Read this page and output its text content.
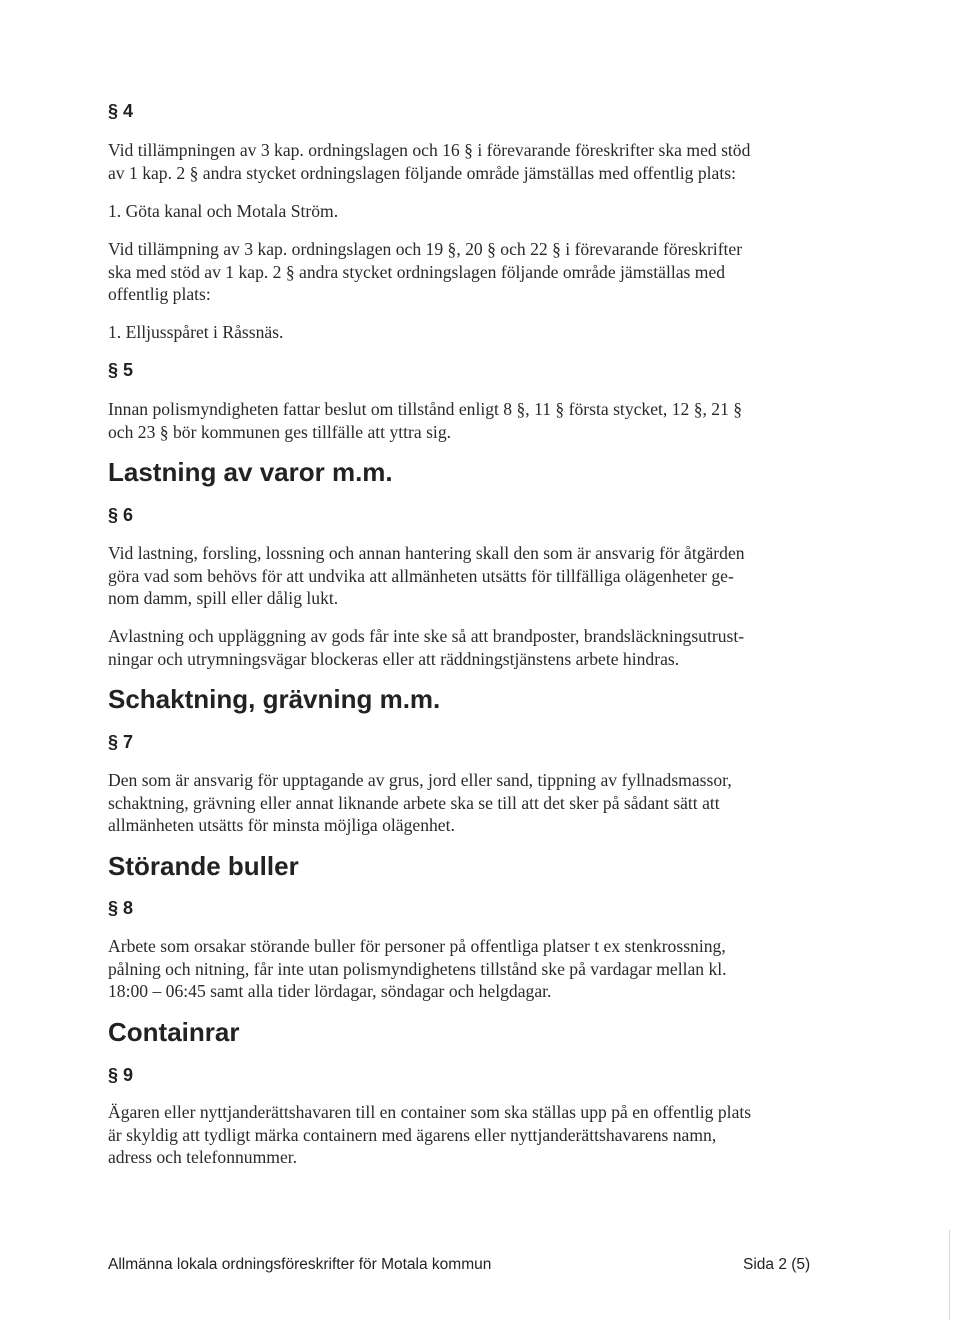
§ 4
Vid tillämpningen av 3 kap. ordningslagen och 16 § i förevarande föreskrifter ska med stöd
av 1 kap. 2 § andra stycket ordningslagen följande område jämställas med offentlig plats:
1. Göta kanal och Motala Ström.
Vid tillämpning av 3 kap. ordningslagen och 19 §, 20 § och 22 § i förevarande föreskrifter
ska med stöd av 1 kap. 2 § andra stycket ordningslagen följande område jämställas med
offentlig plats:
1. Elljusspåret i Råssnäs.
§ 5
Innan polismyndigheten fattar beslut om tillstånd enligt 8 §, 11 § första stycket, 12 §, 21 §
och 23 § bör kommunen ges tillfälle att yttra sig.
Lastning av varor m.m.
§ 6
Vid lastning, forsling, lossning och annan hantering skall den som är ansvarig för åtgärden
göra vad som behövs för att undvika att allmänheten utsätts för tillfälliga olägenheter ge-
nom damm, spill eller dålig lukt.
Avlastning och uppläggning av gods får inte ske så att brandposter, brandsläckningsutrust-
ningar och utrymningsvägar blockeras eller att räddningstjänstens arbete hindras.
Schaktning, grävning m.m.
§ 7
Den som är ansvarig för upptagande av grus, jord eller sand, tippning av fyllnadsmassor,
schaktning, grävning eller annat liknande arbete ska se till att det sker på sådant sätt att
allmänheten utsätts för minsta möjliga olägenhet.
Störande buller
§ 8
Arbete som orsakar störande buller för personer på offentliga platser t ex stenkrossning,
pålning och nitning, får inte utan polismyndighetens tillstånd ske på vardagar mellan kl.
18:00 – 06:45 samt alla tider lördagar, söndagar och helgdagar.
Containrar
§ 9
Ägaren eller nyttjanderättshavaren till en container som ska ställas upp på en offentlig plats
är skyldig att tydligt märka containern med ägarens eller nyttjanderättshavarens namn,
adress och telefonnummer.
Allmänna lokala ordningsföreskrifter för Motala kommun	Sida 2 (5)
